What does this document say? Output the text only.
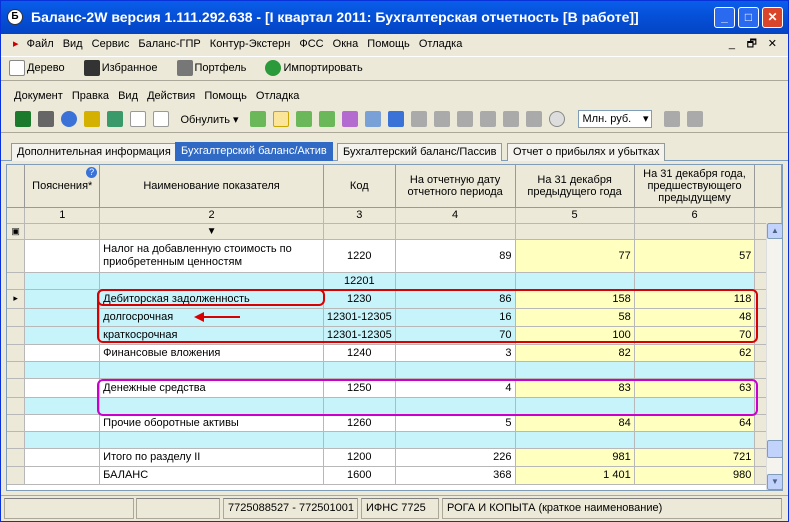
Б Баланс-2W версия 1.111.292.638 - [I квартал 2011: Бухгалтерская отчетность [В работе]]	_	□	✕
▸ Файл Вид Сервис Баланс-ГПР Контур-Экстерн ФСС Окна Помощь Отладка	_ 🗗 ✕
Дерево
	Избранное
	Портфель
	Импортировать
Документ Правка Вид Действия Помощь Отладка
Обнулить ▾	Млн. руб. ▾

Дополнительная информация Бухгалтерский баланс/Актив	Бухгалтерский баланс/Пассив	Отчет о прибылях и убытках
	Пояснения*
?	Наименование показателя	Код	На отчетную дату отчетного периода	На 31 декабря предыдущего года	На 31 декабря года, предшествующего предыдущему	
	1	2	3	4	5	6	
▣		▼					
		Налог на добавленную стоимость по приобретенным ценностям	1220	89	77	57	
			12201				
▸		Дебиторская задолженность	1230	86	158	118	
		долгосрочная	12301-12305	16	58	48	
		краткосрочная	12301-12305	70	100	70	
		Финансовые вложения	1240	3	82	62	

		Денежные средства	1250	4	83	63	

		Прочие оборотные активы	1260	5	84	64	

		Итого по разделу II	1200	226	981	721	
		БАЛАНС	1600	368	1 401	980	
▲
▼
7725088527 - 772501001	ИФНС 7725	РОГА И КОПЫТА (краткое наименование)
